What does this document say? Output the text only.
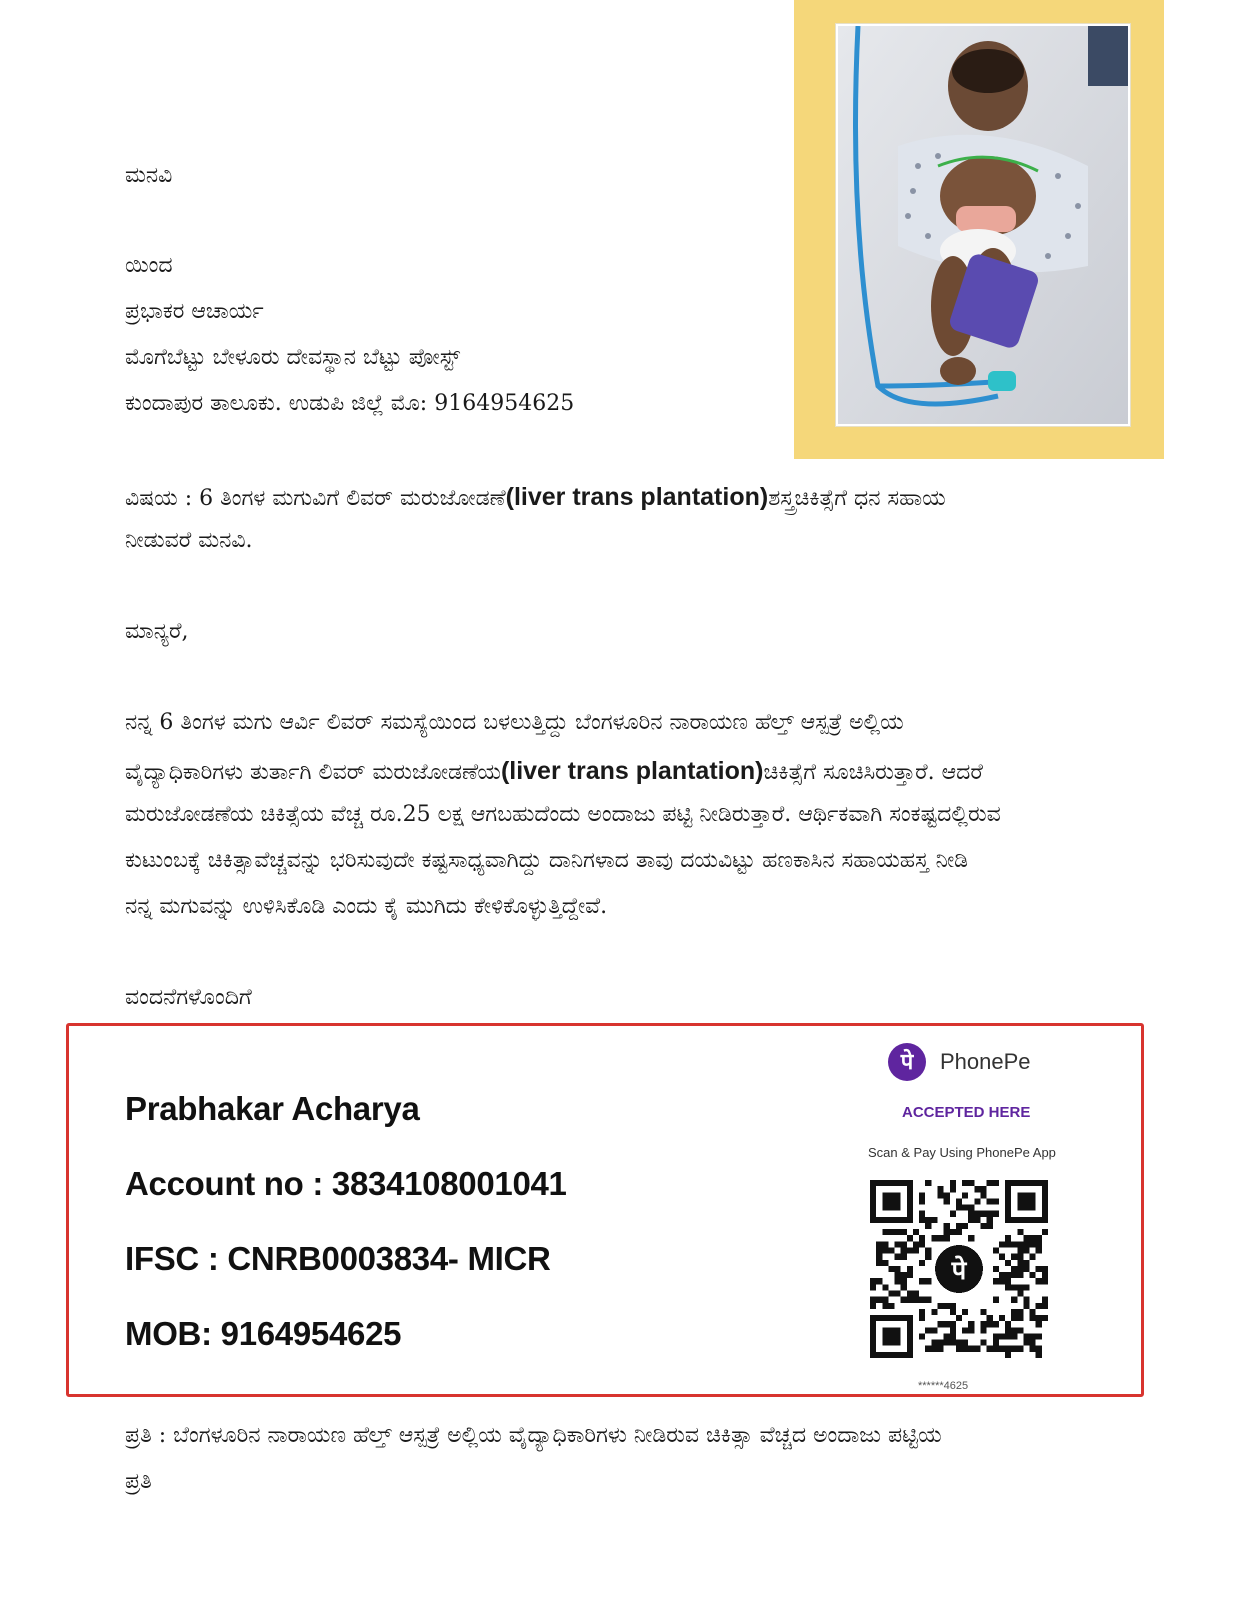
ಮನವಿ
ಯಿಂದ
ಪ್ರಭಾಕರ ಆಚಾರ್ಯ
ಮೊಗೆಬೆಟ್ಟು ಬೇಳೂರು ದೇವಸ್ಥಾನ ಬೆಟ್ಟು ಪೋಸ್ಟ್
ಕುಂದಾಪುರ ತಾಲೂಕು. ಉಡುಪಿ ಜಿಲ್ಲೆ ಮೊ: 9164954625
ವಿಷಯ : 6 ತಿಂಗಳ ಮಗುವಿಗೆ ಲಿವರ್ ಮರುಜೋಡಣೆ(liver trans plantation)ಶಸ್ತ್ರಚಿಕಿತ್ಸೆಗೆ ಧನ ಸಹಾಯ
ನೀಡುವರೆ ಮನವಿ.
ಮಾನ್ಯರೆ,
ನನ್ನ 6 ತಿಂಗಳ ಮಗು ಆರ್ವಿ ಲಿವರ್ ಸಮಸ್ಯೆಯಿಂದ ಬಳಲುತ್ತಿದ್ದು ಬೆಂಗಳೂರಿನ ನಾರಾಯಣ ಹೆಲ್ತ್ ಆಸ್ಪತ್ರೆ ಅಲ್ಲಿಯ
ವೈದ್ಯಾಧಿಕಾರಿಗಳು ತುರ್ತಾಗಿ ಲಿವರ್ ಮರುಜೋಡಣೆಯ(liver trans plantation)ಚಿಕಿತ್ಸೆಗೆ ಸೂಚಿಸಿರುತ್ತಾರೆ. ಆದರೆ
ಮರುಜೋಡಣೆಯ ಚಿಕಿತ್ಸೆಯ ವೆಚ್ಚ ರೂ.25 ಲಕ್ಷ ಆಗಬಹುದೆಂದು ಅಂದಾಜು ಪಟ್ಟಿ ನೀಡಿರುತ್ತಾರೆ. ಆರ್ಥಿಕವಾಗಿ ಸಂಕಷ್ಟದಲ್ಲಿರುವ
ಕುಟುಂಬಕ್ಕೆ ಚಿಕಿತ್ಸಾವೆಚ್ಚವನ್ನು ಭರಿಸುವುದೇ ಕಷ್ಟಸಾಧ್ಯವಾಗಿದ್ದು ದಾನಿಗಳಾದ ತಾವು ದಯವಿಟ್ಟು ಹಣಕಾಸಿನ ಸಹಾಯಹಸ್ತ ನೀಡಿ
ನನ್ನ ಮಗುವನ್ನು ಉಳಿಸಿಕೊಡಿ ಎಂದು ಕೈ ಮುಗಿದು ಕೇಳಿಕೊಳ್ಳುತ್ತಿದ್ದೇವೆ.
ವಂದನೆಗಳೊಂದಿಗೆ
Prabhakar Acharya
Account no : 3834108001041
IFSC : CNRB0003834- MICR
MOB: 9164954625
पे	PhonePe
ACCEPTED HERE
Scan & Pay Using PhonePe App
पे
******4625
ಪ್ರತಿ : ಬೆಂಗಳೂರಿನ ನಾರಾಯಣ ಹೆಲ್ತ್ ಆಸ್ಪತ್ರೆ ಅಲ್ಲಿಯ ವೈದ್ಯಾಧಿಕಾರಿಗಳು ನೀಡಿರುವ ಚಿಕಿತ್ಸಾ ವೆಚ್ಚದ ಅಂದಾಜು ಪಟ್ಟಿಯ
ಪ್ರತಿ
